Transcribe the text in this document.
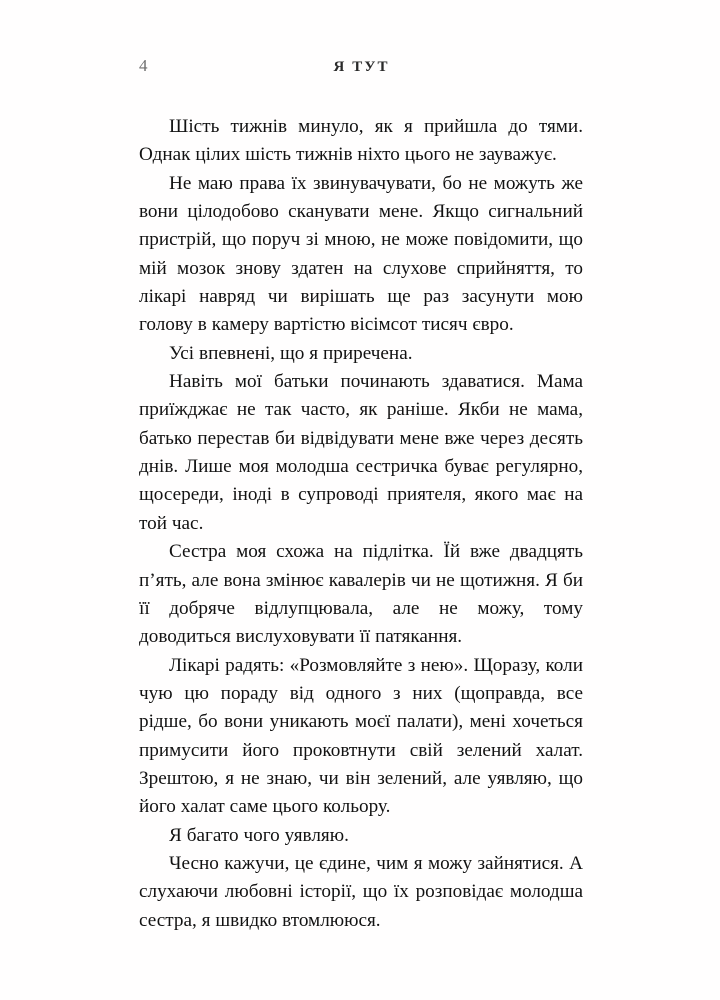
4	Я ТУТ

Шість тижнів минуло, як я прийшла до тями. Однак цілих шість тижнів ніхто цього не зауважує.

Не маю права їх звинувачувати, бо не можуть же вони цілодобово сканувати мене. Якщо сигнальний пристрій, що поруч зі мною, не може повідомити, що мій мозок знову здатен на слухове сприйняття, то лікарі навряд чи вирішать ще раз засунути мою голову в камеру вартістю вісімсот тисяч євро.

Усі впевнені, що я приречена.

Навіть мої батьки починають здаватися. Мама приїжджає не так часто, як раніше. Якби не мама, батько перестав би відвідувати мене вже через десять днів. Лише моя молодша сестричка буває регулярно, щосереди, іноді в супроводі приятеля, якого має на той час.

Сестра моя схожа на підлітка. Їй вже двадцять п’ять, але вона змінює кавалерів чи не щотижня. Я би її добряче відлупцювала, але не можу, тому доводиться вислуховувати її патякання.

Лікарі радять: «Розмовляйте з нею». Щоразу, коли чую цю пораду від одного з них (щоправда, все рідше, бо вони уникають моєї палати), мені хочеться примусити його проковтнути свій зелений халат. Зрештою, я не знаю, чи він зелений, але уявляю, що його халат саме цього кольору.

Я багато чого уявляю.

Чесно кажучи, це єдине, чим я можу зайнятися. А слухаючи любовні історії, що їх розповідає молодша сестра, я швидко втомлююся.
